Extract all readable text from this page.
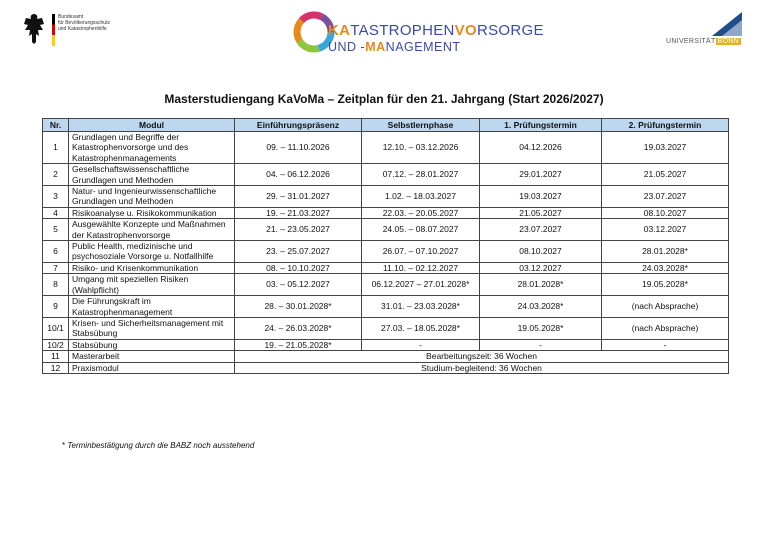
Bundesamt
für Bevölkerungsschutz
und Katastrophenhilfe	KATASTROPHENVORSORGE
UND -MANAGEMENT	UNIVERSITÄT BONN
Masterstudiengang KaVoMa – Zeitplan für den 21. Jahrgang (Start 2026/2027)
Nr.	Modul	Einführungspräsenz	Selbstlernphase	1. Prüfungstermin	2. Prüfungstermin
1	Grundlagen und Begriffe der Katastrophenvorsorge und des Katastrophenmanagements	09. – 11.10.2026	12.10. – 03.12.2026	04.12.2026	19.03.2027
2	Gesellschaftswissenschaftliche Grundlagen und Methoden	04. – 06.12.2026	07.12. – 28.01.2027	29.01.2027	21.05.2027
3	Natur- und Ingenieurwissenschaftliche Grundlagen und Methoden	29. – 31.01.2027	1.02. – 18.03.2027	19.03.2027	23.07.2027
4	Risikoanalyse u. Risikokommunikation	19. – 21.03.2027	22.03. – 20.05.2027	21.05.2027	08.10.2027
5	Ausgewählte Konzepte und Maßnahmen der Katastrophenvorsorge	21. – 23.05.2027	24.05. – 08.07.2027	23.07.2027	03.12.2027
6	Public Health, medizinische und psychosoziale Vorsorge u. Notfallhilfe	23. – 25.07.2027	26.07. – 07.10.2027	08.10.2027	28.01.2028*
7	Risiko- und Krisenkommunikation	08. – 10.10.2027	11.10. – 02.12.2027	03.12.2027	24.03.2028*
8	Umgang mit speziellen Risiken (Wahlpflicht)	03. – 05.12.2027	06.12.2027 – 27.01.2028*	28.01.2028*	19.05.2028*
9	Die Führungskraft im Katastrophenmanagement	28. – 30.01.2028*	31.01. – 23.03.2028*	24.03.2028*	(nach Absprache)
10/1	Krisen- und Sicherheitsmanagement mit Stabsübung	24. – 26.03.2028*	27.03. – 18.05.2028*	19.05.2028*	(nach Absprache)
10/2	Stabsübung	19. – 21.05.2028*	-	-	-
11	Masterarbeit	Bearbeitungszeit: 36 Wochen			
12	Praxismodul	Studium-begleitend: 36 Wochen			
* Terminbestätigung durch die BABZ noch ausstehend
